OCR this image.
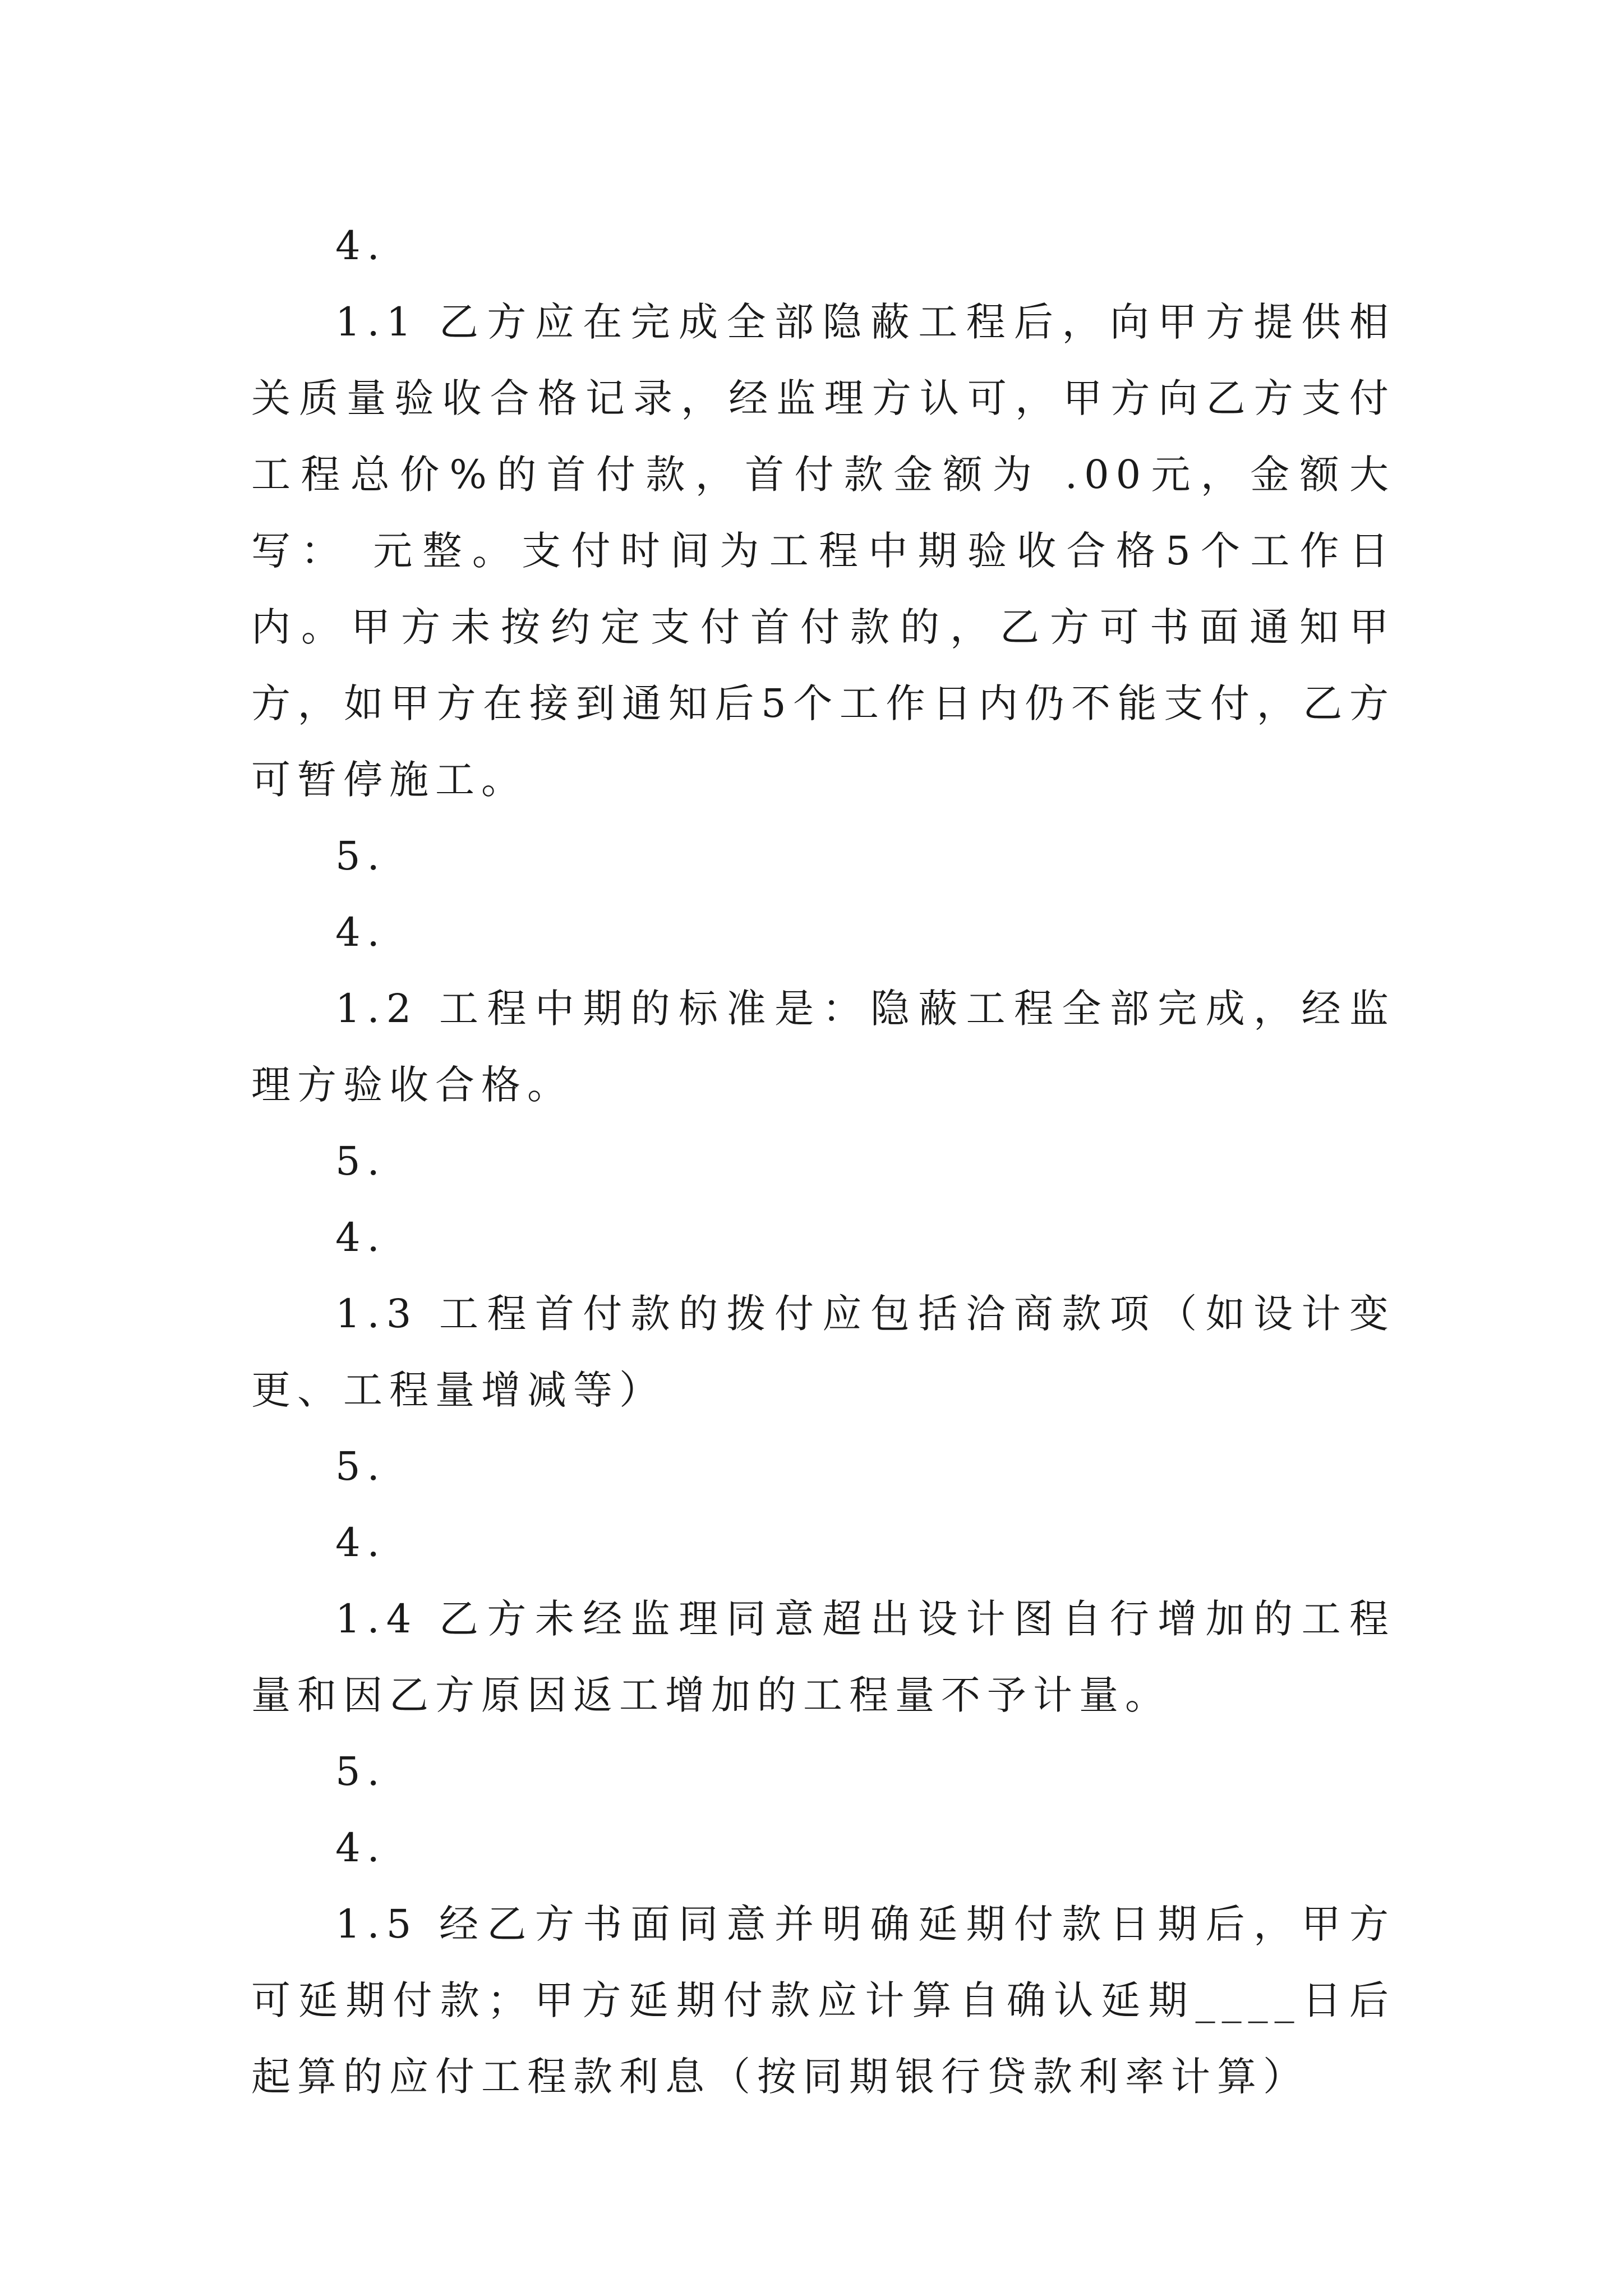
4.

1.1 乙方应在完成全部隐蔽工程后，向甲方提供相关质量验收合格记录，经监理方认可，甲方向乙方支付工程总价%的首付款，首付款金额为 .00元，金额大写： 元整。支付时间为工程中期验收合格5个工作日内。甲方未按约定支付首付款的，乙方可书面通知甲方，如甲方在接到通知后5个工作日内仍不能支付，乙方可暂停施工。

5.

4.

1.2 工程中期的标准是：隐蔽工程全部完成，经监理方验收合格。

5.

4.

1.3 工程首付款的拨付应包括洽商款项（如设计变更、工程量增减等）

5.

4.

1.4 乙方未经监理同意超出设计图自行增加的工程量和因乙方原因返工增加的工程量不予计量。

5.

4.

1.5 经乙方书面同意并明确延期付款日期后，甲方可延期付款；甲方延期付款应计算自确认延期____日后起算的应付工程款利息（按同期银行贷款利率计算）
